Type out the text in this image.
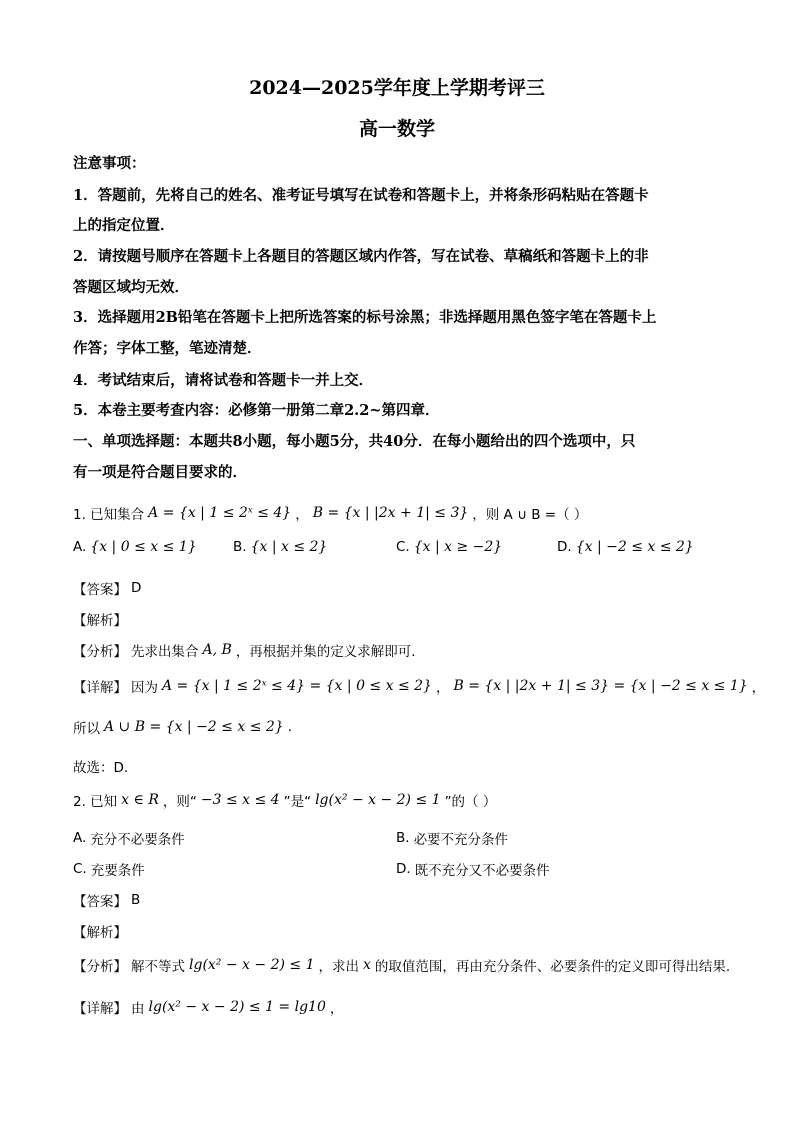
2024—2025学年度上学期考评三
高一数学
注意事项：
1．答题前，先将自己的姓名、准考证号填写在试卷和答题卡上，并将条形码粘贴在答题卡
上的指定位置．
2．请按题号顺序在答题卡上各题目的答题区域内作答，写在试卷、草稿纸和答题卡上的非
答题区域均无效．
3．选择题用2B铅笔在答题卡上把所选答案的标号涂黑；非选择题用黑色签字笔在答题卡上
作答；字体工整，笔迹清楚．
4．考试结束后，请将试卷和答题卡一并上交．
5．本卷主要考查内容：必修第一册第二章2.2~第四章．
一、单项选择题：本题共8小题，每小题5分，共40分．在每小题给出的四个选项中，只
有一项是符合题目要求的．
1. 已知集合 A = {x | 1 ≤ 2ˣ ≤ 4} ， B = {x | |2x + 1| ≤ 3} ，则 A ∪ B =（ ）
A. {x | 0 ≤ x ≤ 1}	B. {x | x ≤ 2}	C. {x | x ≥ −2}	D. {x | −2 ≤ x ≤ 2}
【答案】 D
【解析】
【分析】 先求出集合 A, B ，再根据并集的定义求解即可.
【详解】 因为 A = {x | 1 ≤ 2ˣ ≤ 4} = {x | 0 ≤ x ≤ 2} ， B = {x | |2x + 1| ≤ 3} = {x | −2 ≤ x ≤ 1} ，
所以 A ∪ B = {x | −2 ≤ x ≤ 2} .
故选：D.
2. 已知 x ∈ R ，则“ −3 ≤ x ≤ 4 ”是“ lg(x² − x − 2) ≤ 1 ”的（ ）
A. 充分不必要条件	B. 必要不充分条件
C. 充要条件	D. 既不充分又不必要条件
【答案】 B
【解析】
【分析】 解不等式 lg(x² − x − 2) ≤ 1 ，求出 x 的取值范围，再由充分条件、必要条件的定义即可得出结果.
【详解】 由 lg(x² − x − 2) ≤ 1 = lg10 ，
